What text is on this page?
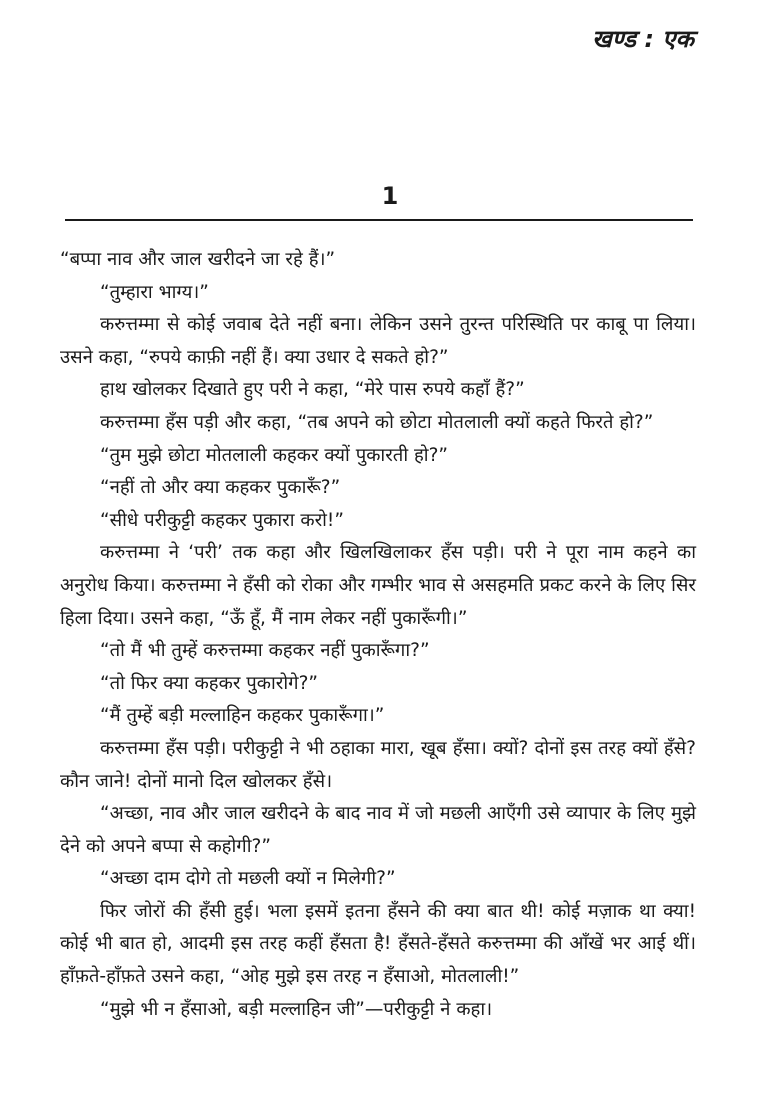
खण्ड : एक
1

“बप्पा नाव और जाल खरीदने जा रहे हैं।”

“तुम्हारा भाग्य।”

करुत्तम्मा से कोई जवाब देते नहीं बना। लेकिन उसने तुरन्त परिस्थिति पर काबू पा लिया। उसने कहा, “रुपये काफ़ी नहीं हैं। क्या उधार दे सकते हो?”

हाथ खोलकर दिखाते हुए परी ने कहा, “मेरे पास रुपये कहाँ हैं?”

करुत्तम्मा हँस पड़ी और कहा, “तब अपने को छोटा मोतलाली क्यों कहते फिरते हो?”

“तुम मुझे छोटा मोतलाली कहकर क्यों पुकारती हो?”

“नहीं तो और क्या कहकर पुकारूँ?”

“सीधे परीकुट्टी कहकर पुकारा करो!”

करुत्तम्मा ने ‘परी’ तक कहा और खिलखिलाकर हँस पड़ी। परी ने पूरा नाम कहने का अनुरोध किया। करुत्तम्मा ने हँसी को रोका और गम्भीर भाव से असहमति प्रकट करने के लिए सिर हिला दिया। उसने कहा, “ऊँ हूँ, मैं नाम लेकर नहीं पुकारूँगी।”

“तो मैं भी तुम्हें करुत्तम्मा कहकर नहीं पुकारूँगा?”

“तो फिर क्या कहकर पुकारोगे?”

“मैं तुम्हें बड़ी मल्लाहिन कहकर पुकारूँगा।”

करुत्तम्मा हँस पड़ी। परीकुट्टी ने भी ठहाका मारा, खूब हँसा। क्यों? दोनों इस तरह क्यों हँसे? कौन जाने! दोनों मानो दिल खोलकर हँसे।

“अच्छा, नाव और जाल खरीदने के बाद नाव में जो मछली आएँगी उसे व्यापार के लिए मुझे देने को अपने बप्पा से कहोगी?”

“अच्छा दाम दोगे तो मछली क्यों न मिलेगी?”

फिर जोरों की हँसी हुई। भला इसमें इतना हँसने की क्या बात थी! कोई मज़ाक था क्या! कोई भी बात हो, आदमी इस तरह कहीं हँसता है! हँसते-हँसते करुत्तम्मा की आँखें भर आई थीं। हाँफ़ते-हाँफ़ते उसने कहा, “ओह मुझे इस तरह न हँसाओ, मोतलाली!”

“मुझे भी न हँसाओ, बड़ी मल्लाहिन जी”—परीकुट्टी ने कहा।
